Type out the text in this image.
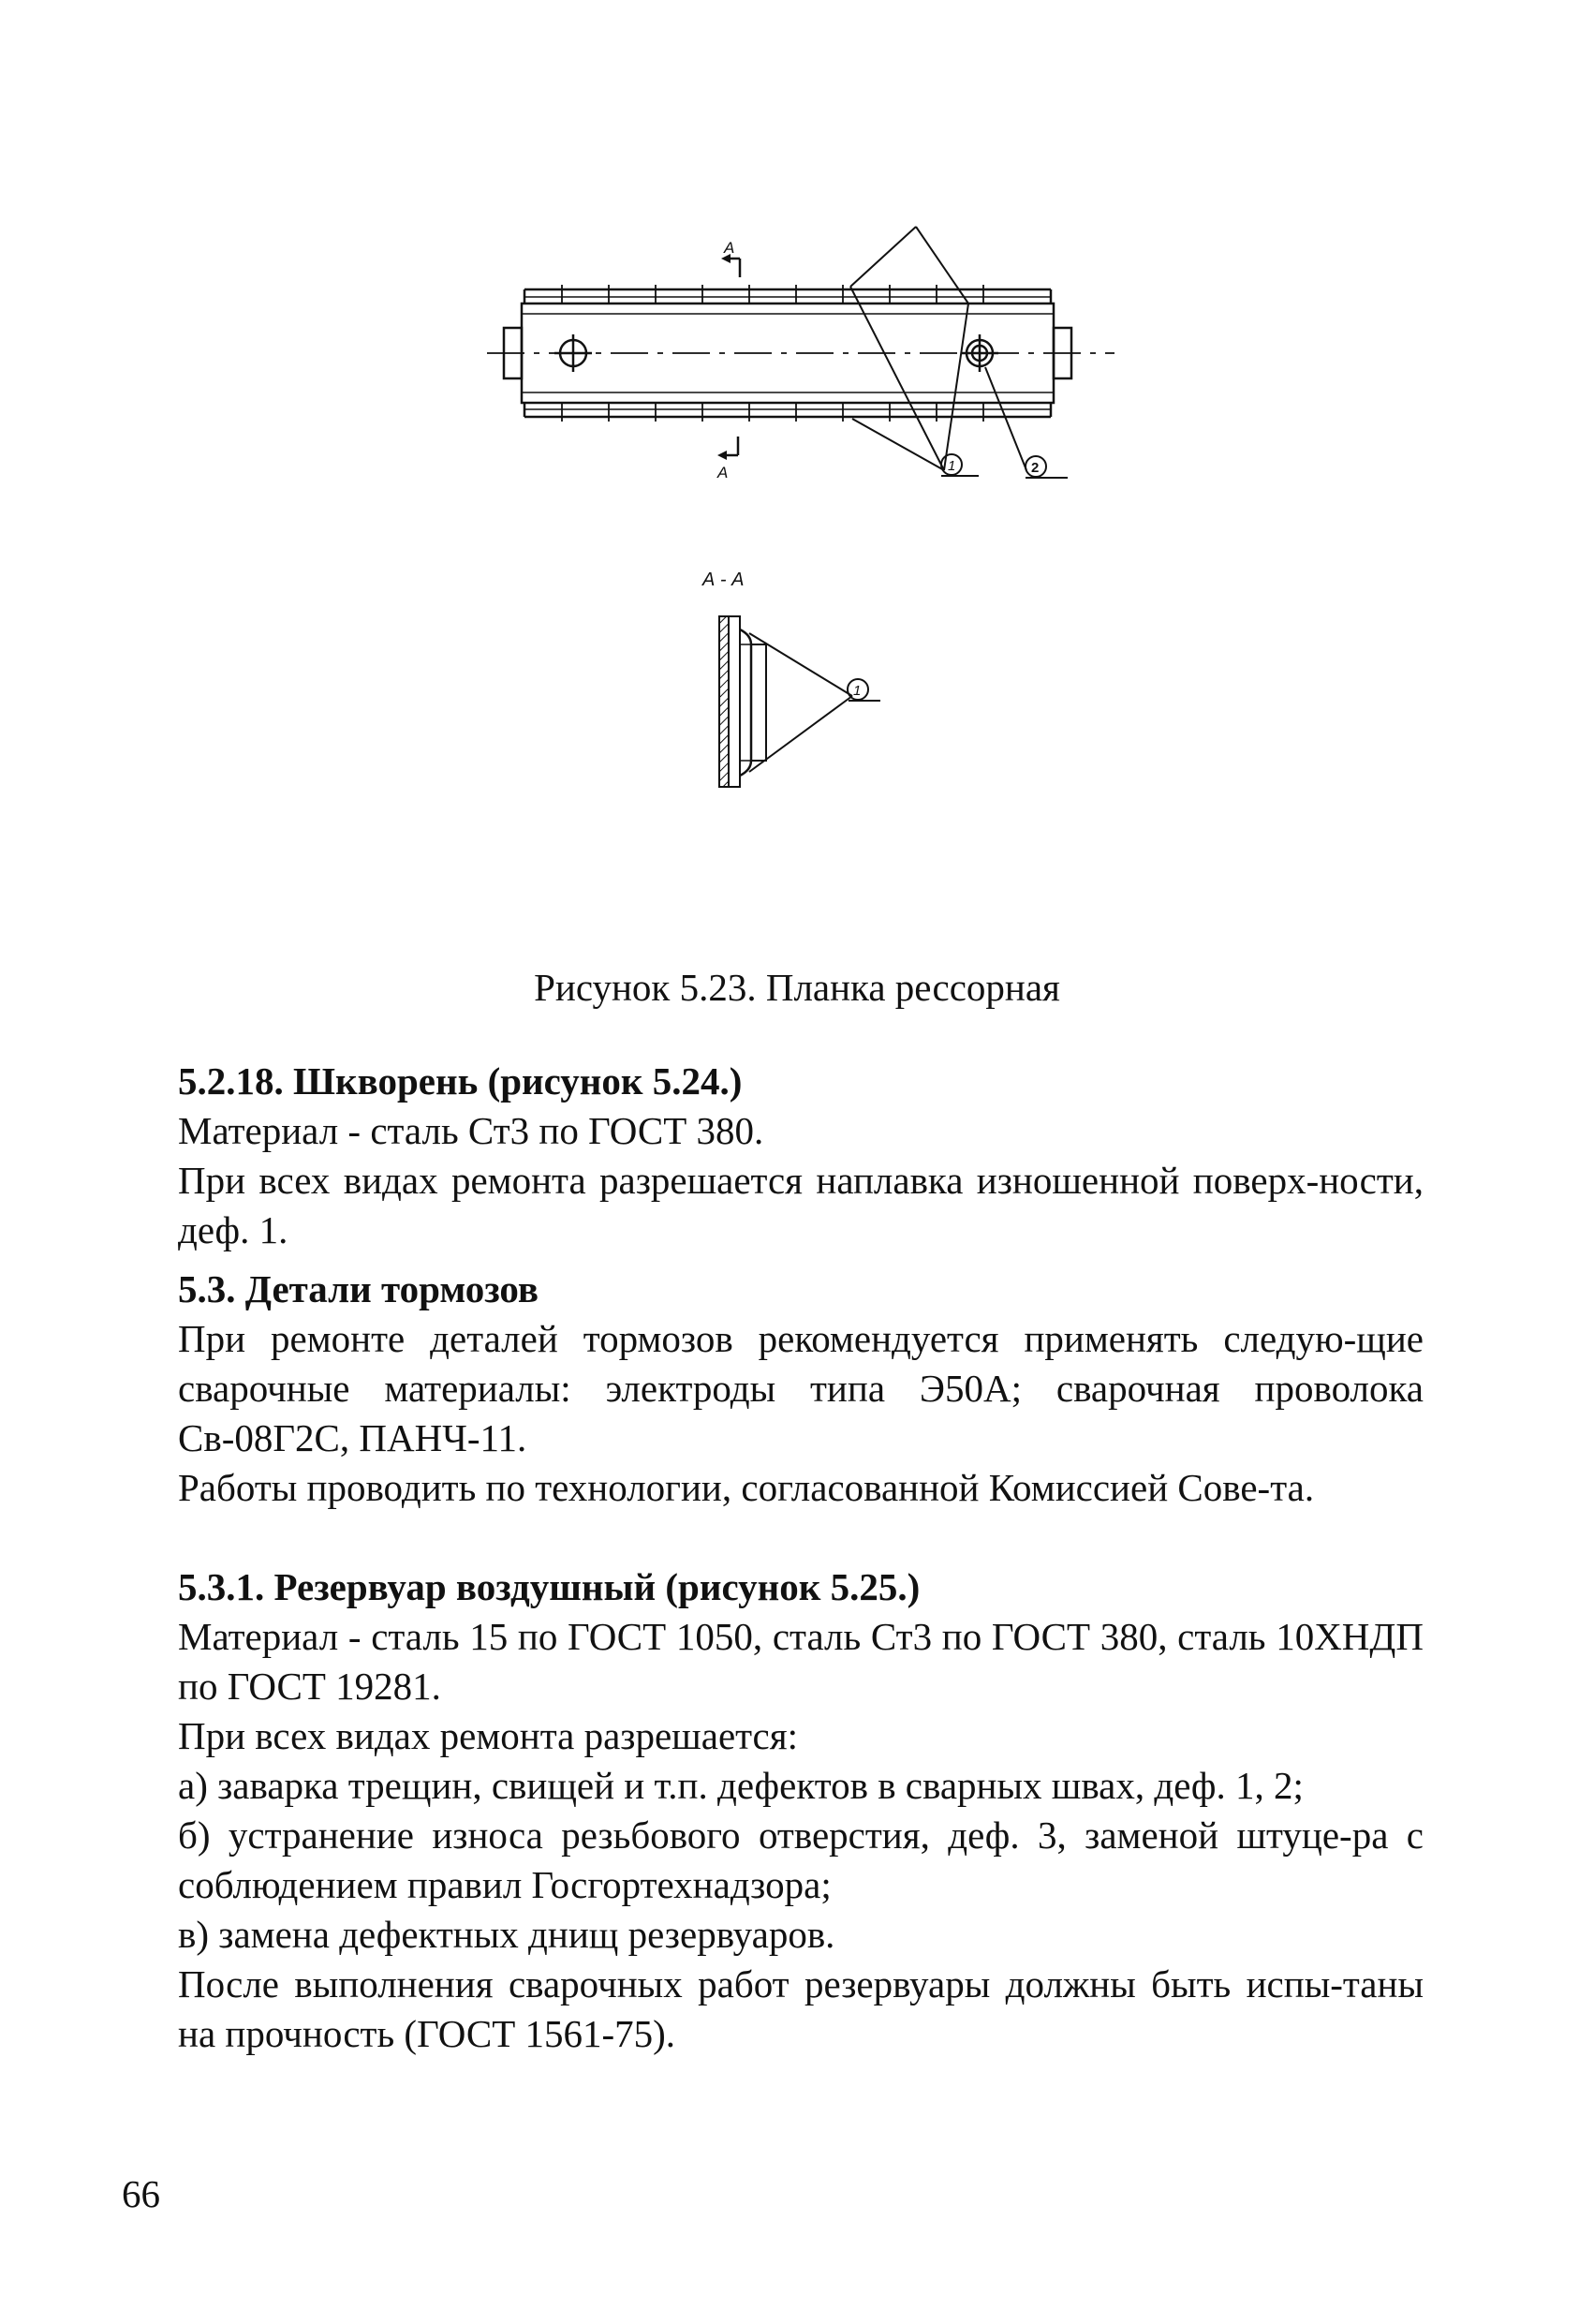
А
А	1	2
А - А
1
Рисунок 5.23. Планка рессорная

5.2.18. Шкворень (рисунок 5.24.)

Материал - сталь Ст3 по ГОСТ 380.

При всех видах ремонта разрешается наплавка изношенной поверх-ности, деф. 1.

5.3. Детали тормозов

При ремонте деталей тормозов рекомендуется применять следую-щие сварочные материалы: электроды типа Э50А; сварочная проволока Св-08Г2С, ПАНЧ-11.

Работы проводить по технологии, согласованной Комиссией Сове-та.

5.3.1. Резервуар воздушный (рисунок 5.25.)

Материал - сталь 15 по ГОСТ 1050, сталь Ст3 по ГОСТ 380, сталь 10ХНДП по ГОСТ 19281.

При всех видах ремонта разрешается:

а) заварка трещин, свищей и т.п. дефектов в сварных швах, деф. 1, 2;

б) устранение износа резьбового отверстия, деф. 3, заменой штуце-ра с соблюдением правил Госгортехнадзора;

в) замена дефектных днищ резервуаров.

После выполнения сварочных работ резервуары должны быть испы-таны на прочность (ГОСТ 1561-75).

66
